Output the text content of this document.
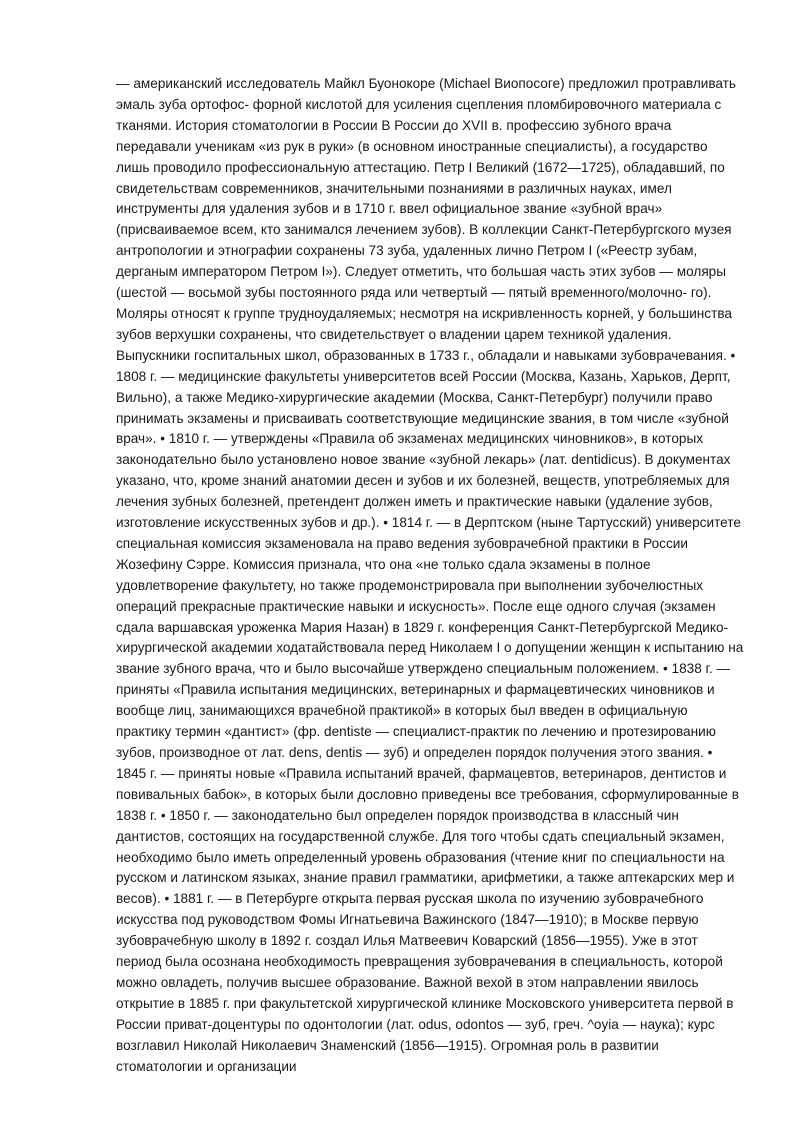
— американский исследователь Майкл Буонокоре (Michael Bиопосоге) предложил протравливать эмаль зуба ортофос- форной кислотой для усиления сцепления пломбировочного материала с тканями. История стоматологии в России В России до XVII в. профессию зубного врача передавали ученикам «из рук в руки» (в основном иностранные специалисты), а государство лишь проводило профессиональную аттестацию. Петр I Великий (1672—1725), обладавший, по свидетельствам современников, значительными познаниями в различных науках, имел инструменты для удаления зубов и в 1710 г. ввел официальное звание «зубной врач» (присваиваемое всем, кто занимался лечением зубов). В коллекции Санкт-Петербургского музея антропологии и этнографии сохранены 73 зуба, удаленных лично Петром I («Реестр зубам, дерганым императором Петром I»). Следует отметить, что большая часть этих зубов — моляры (шестой — восьмой зубы постоянного ряда или четвертый — пятый временного/молочно- го). Моляры относят к группе трудноудаляемых; несмотря на искривленность корней, у большинства зубов верхушки сохранены, что свидетельствует о владении царем техникой удаления. Выпускники госпитальных школ, образованных в 1733 г., обладали и навыками зубоврачевания. • 1808 г. — медицинские факультеты университетов всей России (Москва, Казань, Харьков, Дерпт, Вильно), а также Медико-хирургические академии (Москва, Санкт-Петербург) получили право принимать экзамены и присваивать соответствующие медицинские звания, в том числе «зубной врач». • 1810 г. — утверждены «Правила об экзаменах медицинских чиновников», в которых законодательно было установлено новое звание «зубной лекарь» (лат. dentidicus). В документах указано, что, кроме знаний анатомии десен и зубов и их болезней, веществ, употребляемых для лечения зубных болезней, претендент должен иметь и практические навыки (удаление зубов, изготовление искусственных зубов и др.). • 1814 г. — в Дерптском (ныне Тартусский) университете специальная комиссия экзаменовала на право ведения зубоврачебной практики в России Жозефину Сэрре. Комиссия признала, что она «не только сдала экзамены в полное удовлетворение факультету, но также продемонстрировала при выполнении зубочелюстных операций прекрасные практические навыки и искусность». После еще одного случая (экзамен сдала варшавская уроженка Мария Назан) в 1829 г. конференция Санкт-Петербургской Медико-хирургической академии ходатайствовала перед Николаем I о допущении женщин к испытанию на звание зубного врача, что и было высочайше утверждено специальным положением. • 1838 г. — приняты «Правила испытания медицинских, ветеринарных и фармацевтических чиновников и вообще лиц, занимающихся врачебной практикой» в которых был введен в официальную практику термин «дантист» (фр. dentiste — специалист-практик по лечению и протезированию зубов, производное от лат. dens, dentis — зуб) и определен порядок получения этого звания. • 1845 г. — приняты новые «Правила испытаний врачей, фармацевтов, ветеринаров, дентистов и повивальных бабок», в которых были дословно приведены все требования, сформулированные в 1838 г. • 1850 г. — законодательно был определен порядок производства в классный чин дантистов, состоящих на государственной службе. Для того чтобы сдать специальный экзамен, необходимо было иметь определенный уровень образования (чтение книг по специальности на русском и латинском языках, знание правил грамматики, арифметики, а также аптекарских мер и весов). • 1881 г. — в Петербурге открыта первая русская школа по изучению зубоврачебного искусства под руководством Фомы Игнатьевича Важинского (1847—1910); в Москве первую зубоврачебную школу в 1892 г. создал Илья Матвеевич Коварский (1856—1955). Уже в этот период была осознана необходимость превращения зубоврачевания в специальность, которой можно овладеть, получив высшее образование. Важной вехой в этом направлении явилось открытие в 1885 г. при факультетской хирургической клинике Московского университета первой в России приват-доцентуры по одонтологии (лат. odus, odontos — зуб, греч. ^oyia — наука); курс возглавил Николай Николаевич Знаменский (1856—1915). Огромная роль в развитии стоматологии и организации
